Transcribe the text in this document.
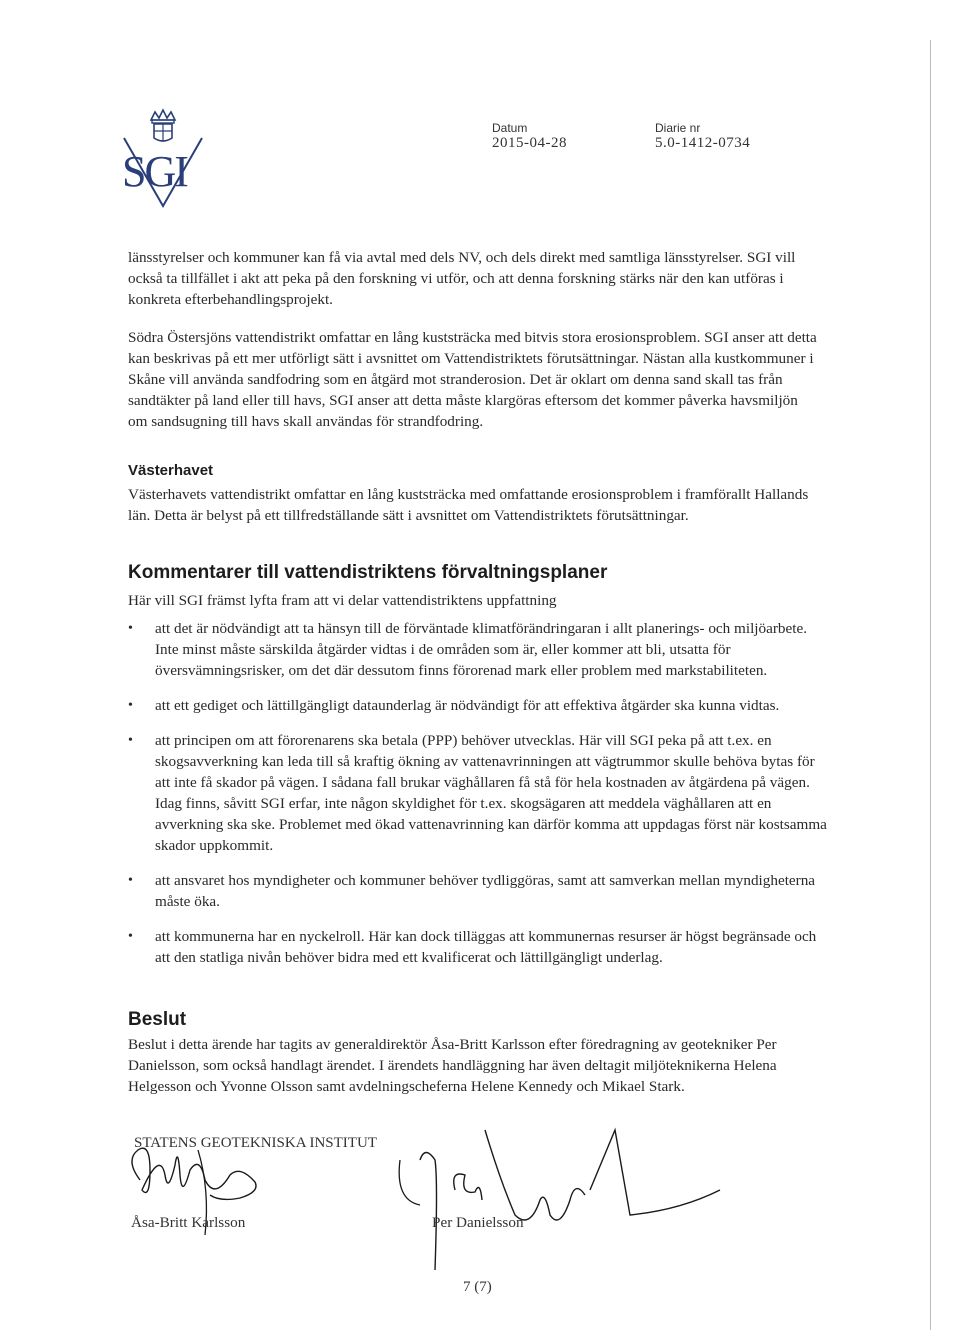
SGI
Datum
2015-04-28
Diarie nr
5.0-1412-0734
länsstyrelser och kommuner kan få via avtal med dels NV, och dels direkt med samtliga länsstyrelser. SGI vill också ta tillfället i akt att peka på den forskning vi utför, och att denna forskning stärks när den kan utföras i konkreta efterbehandlingsprojekt.
Södra Östersjöns vattendistrikt omfattar en lång kuststräcka med bitvis stora erosionsproblem. SGI anser att detta kan beskrivas på ett mer utförligt sätt i avsnittet om Vattendistriktets förutsättningar. Nästan alla kustkommuner i Skåne vill använda sandfodring som en åtgärd mot stranderosion. Det är oklart om denna sand skall tas från sandtäkter på land eller till havs, SGI anser att detta måste klargöras eftersom det kommer påverka havsmiljön om sandsugning till havs skall användas för strandfodring.
Västerhavet
Västerhavets vattendistrikt omfattar en lång kuststräcka med omfattande erosionsproblem i framförallt Hallands län. Detta är belyst på ett tillfredställande sätt i avsnittet om Vattendistriktets förutsättningar.
Kommentarer till vattendistriktens förvaltningsplaner
Här vill SGI främst lyfta fram att vi delar vattendistriktens uppfattning
• att det är nödvändigt att ta hänsyn till de förväntade klimatförändringaran i allt planerings- och miljöarbete. Inte minst måste särskilda åtgärder vidtas i de områden som är, eller kommer att bli, utsatta för översvämningsrisker, om det där dessutom finns förorenad mark eller problem med markstabiliteten.
• att ett gediget och lättillgängligt dataunderlag är nödvändigt för att effektiva åtgärder ska kunna vidtas.
• att principen om att förorenarens ska betala (PPP) behöver utvecklas. Här vill SGI peka på att t.ex. en skogsavverkning kan leda till så kraftig ökning av vattenavrinningen att vägtrummor skulle behöva bytas för att inte få skador på vägen. I sådana fall brukar väghållaren få stå för hela kostnaden av åtgärdena på vägen. Idag finns, såvitt SGI erfar, inte någon skyldighet för t.ex. skogsägaren att meddela väghållaren att en avverkning ska ske. Problemet med ökad vattenavrinning kan därför komma att uppdagas först när kostsamma skador uppkommit.
• att ansvaret hos myndigheter och kommuner behöver tydliggöras, samt att samverkan mellan myndigheterna måste öka.
• att kommunerna har en nyckelroll. Här kan dock tilläggas att kommunernas resurser är högst begränsade och att den statliga nivån behöver bidra med ett kvalificerat och lättillgängligt underlag.
Beslut
Beslut i detta ärende har tagits av generaldirektör Åsa-Britt Karlsson efter föredragning av geotekniker Per Danielsson, som också handlagt ärendet. I ärendets handläggning har även deltagit miljöteknikerna Helena Helgesson och Yvonne Olsson samt avdelningscheferna Helene Kennedy och Mikael Stark.
STATENS GEOTEKNISKA INSTITUT
Åsa-Britt Karlsson	Per Danielsson
7 (7)
